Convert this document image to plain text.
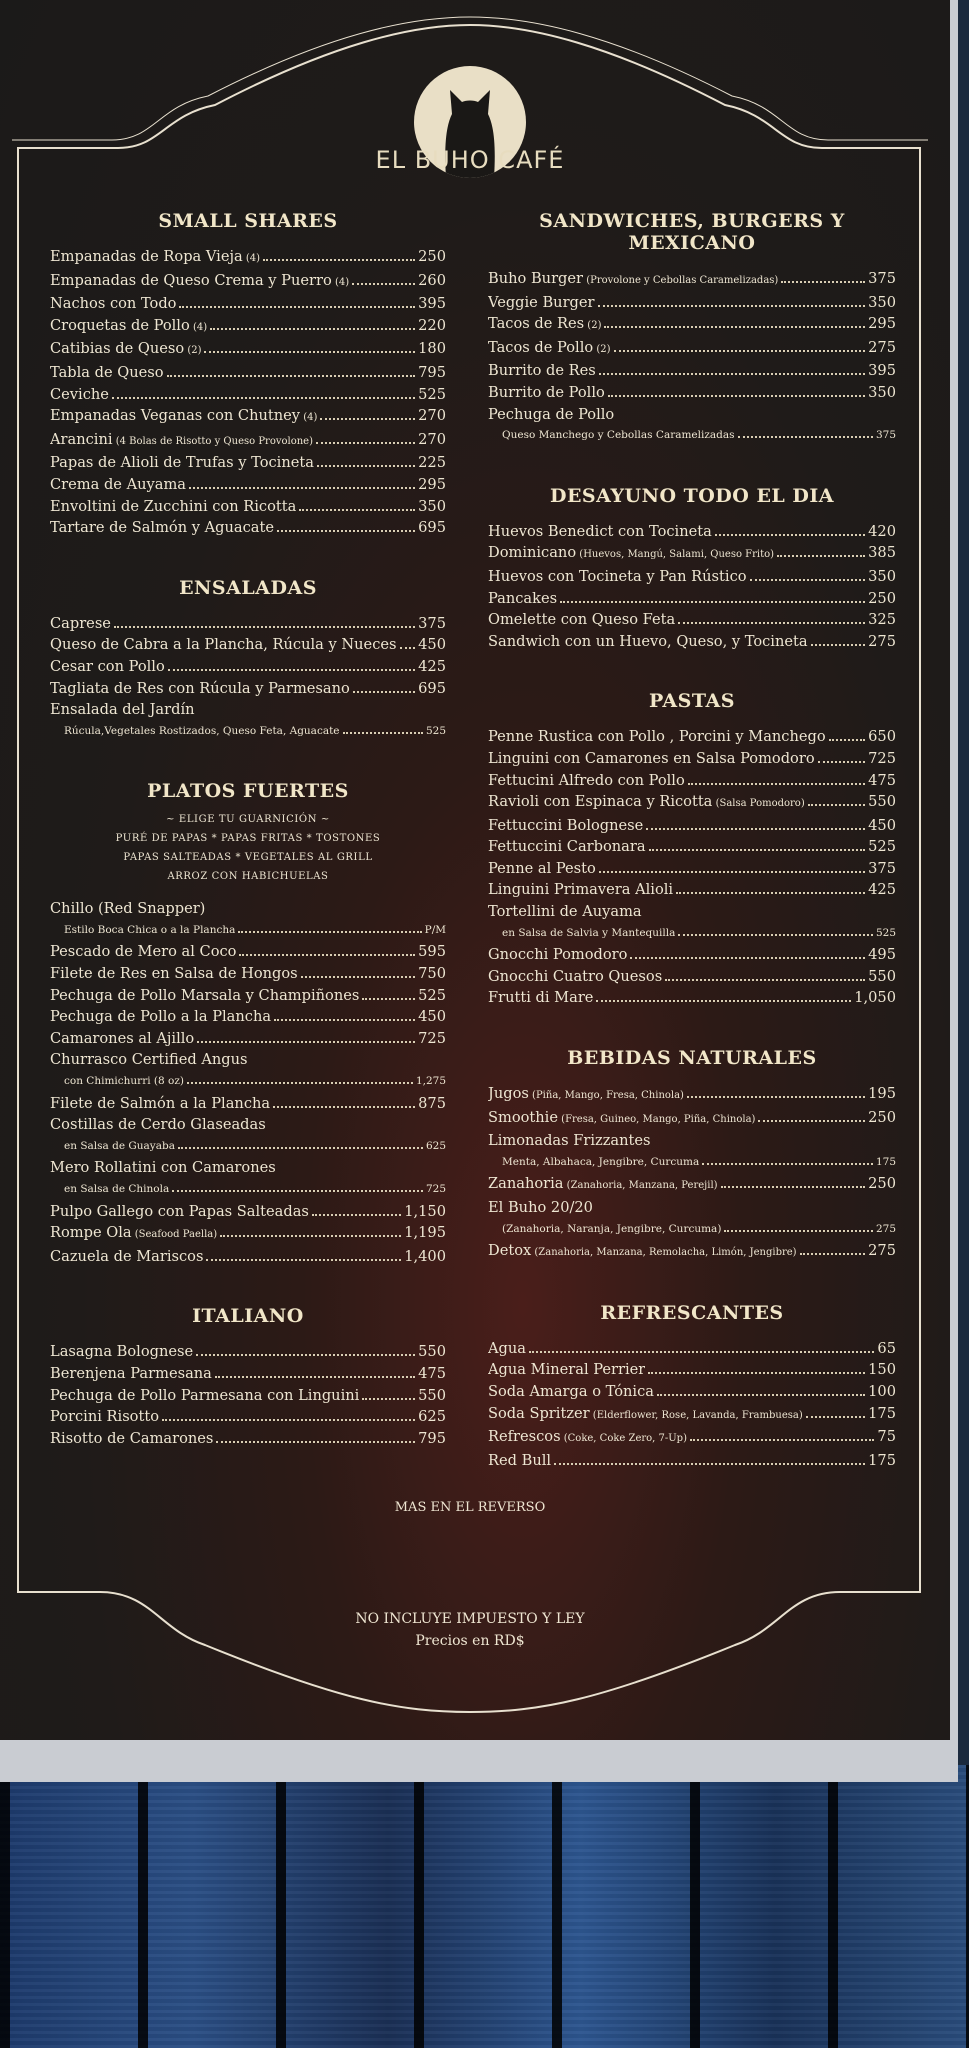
EL BUHO CAFÉ
SMALL SHARES
Empanadas de Ropa Vieja (4)	250
Empanadas de Queso Crema y Puerro (4)	260
Nachos con Todo	395
Croquetas de Pollo (4)	220
Catibias de Queso (2)	180
Tabla de Queso	795
Ceviche	525
Empanadas Veganas con Chutney (4)	270
Arancini (4 Bolas de Risotto y Queso Provolone)	270
Papas de Alioli de Trufas y Tocineta	225
Crema de Auyama	295
Envoltini de Zucchini con Ricotta	350
Tartare de Salmón y Aguacate	695
ENSALADAS
Caprese	375
Queso de Cabra a la Plancha, Rúcula y Nueces 450
Cesar con Pollo	425
Tagliata de Res con Rúcula y Parmesano	695
Ensalada del Jardín
Rúcula,Vegetales Rostizados, Queso Feta, Aguacate	525
PLATOS FUERTES
~ ELIGE TU GUARNICIÓN ~
PURÉ DE PAPAS * PAPAS FRITAS * TOSTONES
PAPAS SALTEADAS * VEGETALES AL GRILL
ARROZ CON HABICHUELAS
Chillo (Red Snapper)
Estilo Boca Chica o a la Plancha	P/M
Pescado de Mero al Coco	595
Filete de Res en Salsa de Hongos	750
Pechuga de Pollo Marsala y Champiñones	525
Pechuga de Pollo a la Plancha	450
Camarones al Ajillo	725
Churrasco Certified Angus
con Chimichurri (8 oz)	1,275
Filete de Salmón a la Plancha	875
Costillas de Cerdo Glaseadas
en Salsa de Guayaba	625
Mero Rollatini con Camarones
en Salsa de Chinola	725
Pulpo Gallego con Papas Salteadas	1,150
Rompe Ola (Seafood Paella)	1,195
Cazuela de Mariscos	1,400
ITALIANO
Lasagna Bolognese	550
Berenjena Parmesana	475
Pechuga de Pollo Parmesana con Linguini	550
Porcini Risotto	625
Risotto de Camarones	795
SANDWICHES, BURGERS Y MEXICANO
Buho Burger (Provolone y Cebollas Caramelizadas)	375
Veggie Burger	350
Tacos de Res (2)	295
Tacos de Pollo (2)	275
Burrito de Res	395
Burrito de Pollo	350
Pechuga de Pollo
Queso Manchego y Cebollas Caramelizadas	375
DESAYUNO TODO EL DIA
Huevos Benedict con Tocineta	420
Dominicano (Huevos, Mangú, Salami, Queso Frito)	385
Huevos con Tocineta y Pan Rústico	350
Pancakes	250
Omelette con Queso Feta	325
Sandwich con un Huevo, Queso, y Tocineta	275
PASTAS
Penne Rustica con Pollo , Porcini y Manchego	650
Linguini con Camarones en Salsa Pomodoro	725
Fettucini Alfredo con Pollo	475
Ravioli con Espinaca y Ricotta (Salsa Pomodoro)	550
Fettuccini Bolognese	450
Fettuccini Carbonara	525
Penne al Pesto	375
Linguini Primavera Alioli	425
Tortellini de Auyama
en Salsa de Salvia y Mantequilla	525
Gnocchi Pomodoro	495
Gnocchi Cuatro Quesos	550
Frutti di Mare	1,050
BEBIDAS NATURALES
Jugos (Piña, Mango, Fresa, Chinola)	195
Smoothie (Fresa, Guineo, Mango, Piña, Chinola)	250
Limonadas Frizzantes
Menta, Albahaca, Jengibre, Curcuma	175
Zanahoria (Zanahoria, Manzana, Perejil)	250
El Buho 20/20
(Zanahoria, Naranja, Jengibre, Curcuma)	275
Detox (Zanahoria, Manzana, Remolacha, Limón, Jengibre)	275
REFRESCANTES
Agua	65
Agua Mineral Perrier	150
Soda Amarga o Tónica	100
Soda Spritzer (Elderflower, Rose, Lavanda, Frambuesa)	175
Refrescos (Coke, Coke Zero, 7-Up)	75
Red Bull	175
MAS EN EL REVERSO
NO INCLUYE IMPUESTO Y LEY
Precios en RD$
